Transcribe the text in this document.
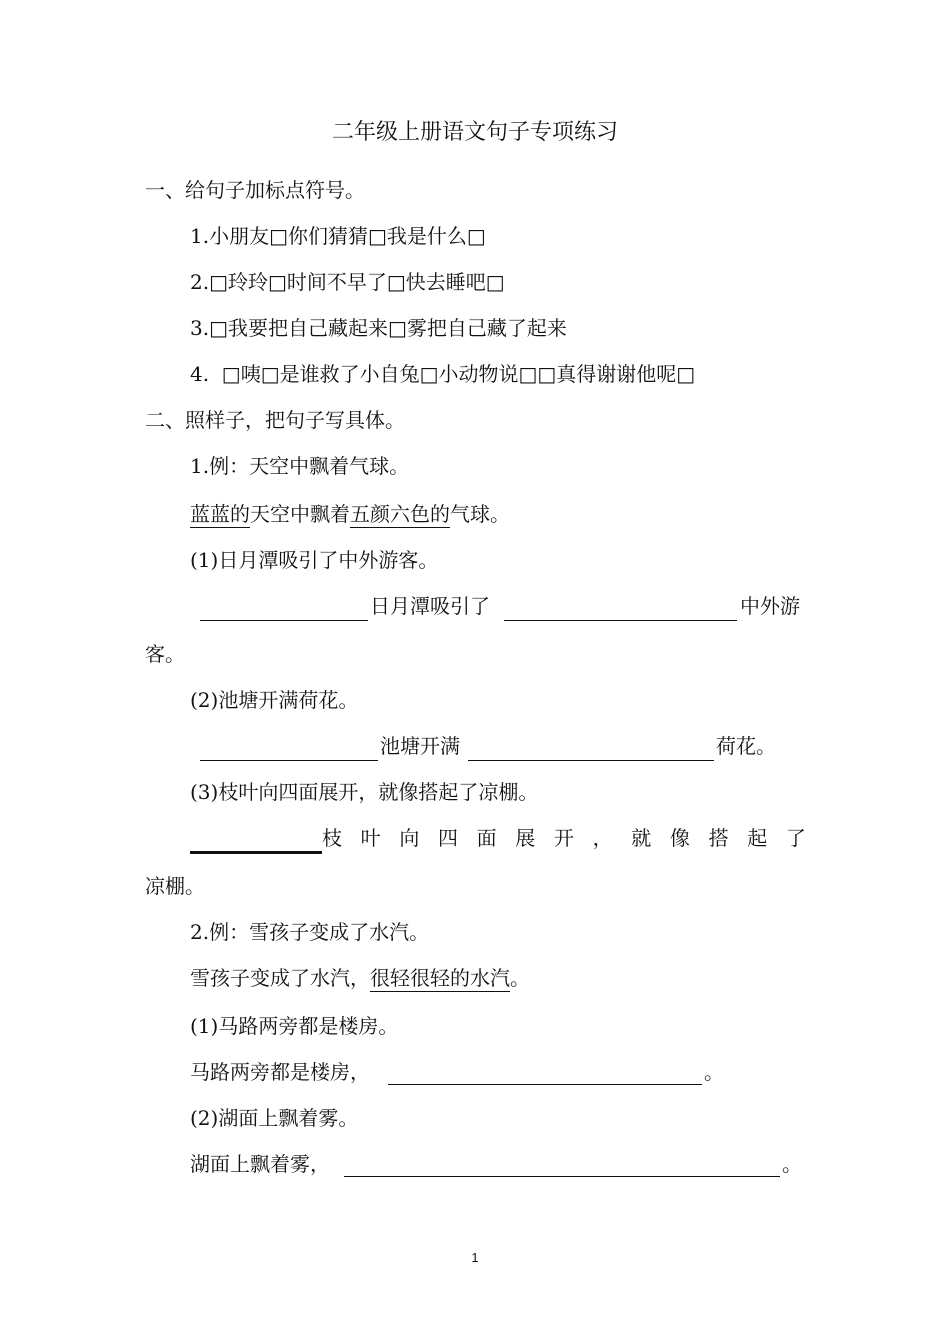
二年级上册语文句子专项练习
一、给句子加标点符号。
1.小朋友□你们猜猜□我是什么□
2.□玲玲□时间不早了□快去睡吧□
3.□我要把自己藏起来□雾把自己藏了起来
4.  □咦□是谁救了小自兔□小动物说□□真得谢谢他呢□
二、照样子，把句子写具体。
1.例：天空中飘着气球。
蓝蓝的天空中飘着五颜六色的气球。
(1)日月潭吸引了中外游客。
日月潭吸引了	中外游
客。
(2)池塘开满荷花。
池塘开满	荷花。
(3)枝叶向四面展开，就像搭起了凉棚。
枝 叶 向 四 面 展 开 ， 就 像 搭 起 了
凉棚。
2.例：雪孩子变成了水汽。
雪孩子变成了水汽，很轻很轻的水汽。
(1)马路两旁都是楼房。
马路两旁都是楼房，	。
(2)湖面上飘着雾。
湖面上飘着雾，	。
1
